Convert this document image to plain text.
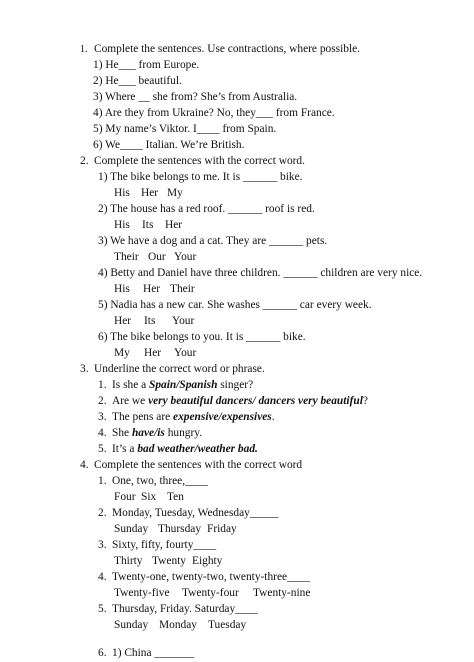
1. Complete the sentences. Use contractions, where possible.
1) He___ from Europe.
2) He___ beautiful.
3) Where __ she from? She’s from Australia.
4) Are they from Ukraine? No, they___ from France.
5) My name’s Viktor. I____ from Spain.
6) We____ Italian. We’re British.
2. Complete the sentences with the correct word.
1) The bike belongs to me. It is ______ bike.
His Her My
2) The house has a red roof. ______ roof is red.
His Its Her
3) We have a dog and a cat. They are ______ pets.
Their Our Your
4) Betty and Daniel have three children. ______ children are very nice.
His Her Their
5) Nadia has a new car. She washes ______ car every week.
Her Its Your
6) The bike belongs to you. It is ______ bike.
My Her Your
3. Underline the correct word or phrase.
1. Is she a Spain/Spanish singer?
2. Are we very beautiful dancers/ dancers very beautiful?
3. The pens are expensive/expensives.
4. She have/is hungry.
5. It’s a bad weather/weather bad.
4. Complete the sentences with the correct word
1. One, two, three,____
Four Six Ten
2. Monday, Tuesday, Wednesday_____
Sunday Thursday Friday
3. Sixty, fifty, fourty____
Thirty Twenty Eighty
4. Twenty-one, twenty-two, twenty-three____
Twenty-five Twenty-four Twenty-nine
5. Thursday, Friday. Saturday____
Sunday Monday Tuesday
6. 1) China _______
